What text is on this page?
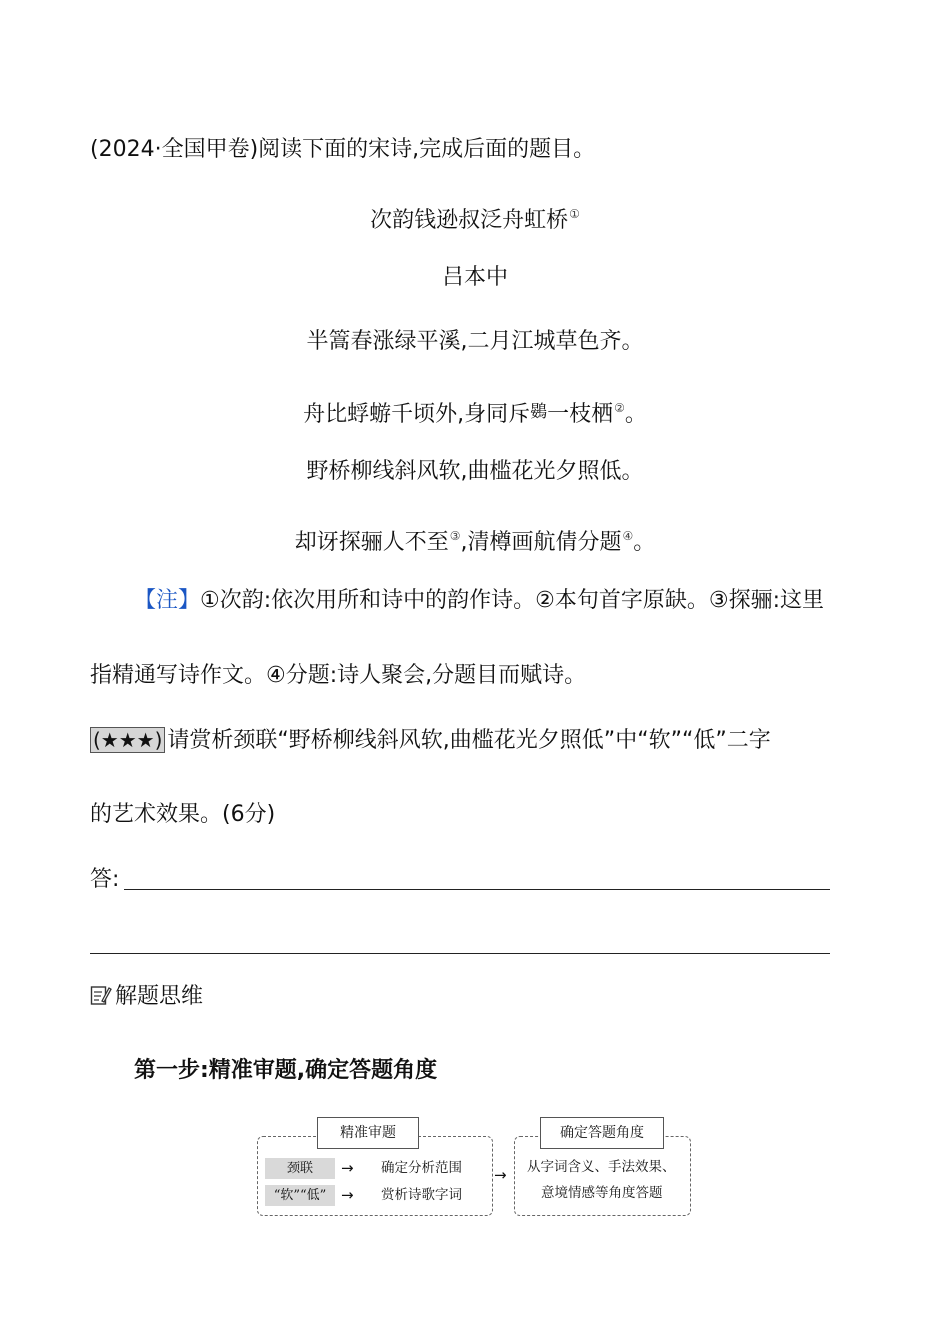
(2024·全国甲卷)阅读下面的宋诗,完成后面的题目。
次韵钱逊叔泛舟虹桥①
吕本中
半篙春涨绿平溪,二月江城草色齐。
舟比蜉蝣千顷外,身同斥鷃一枝栖②。
野桥柳线斜风软,曲槛花光夕照低。
却讶探骊人不至③,清樽画航倩分题④。
【注】①次韵:依次用所和诗中的韵作诗。②本句首字原缺。③探骊:这里
指精通写诗作文。④分题:诗人聚会,分题目而赋诗。
(★★★) 请赏析颈联“野桥柳线斜风软,曲槛花光夕照低”中“软”“低”二字
的艺术效果。(6分)
答:
解题思维
第一步:精准审题,确定答题角度
精准审题
颈联	→ 确定分析范围
“软”“低” → 赏析诗歌字词
→
确定答题角度
从字词含义、手法效果、
意境情感等角度答题
